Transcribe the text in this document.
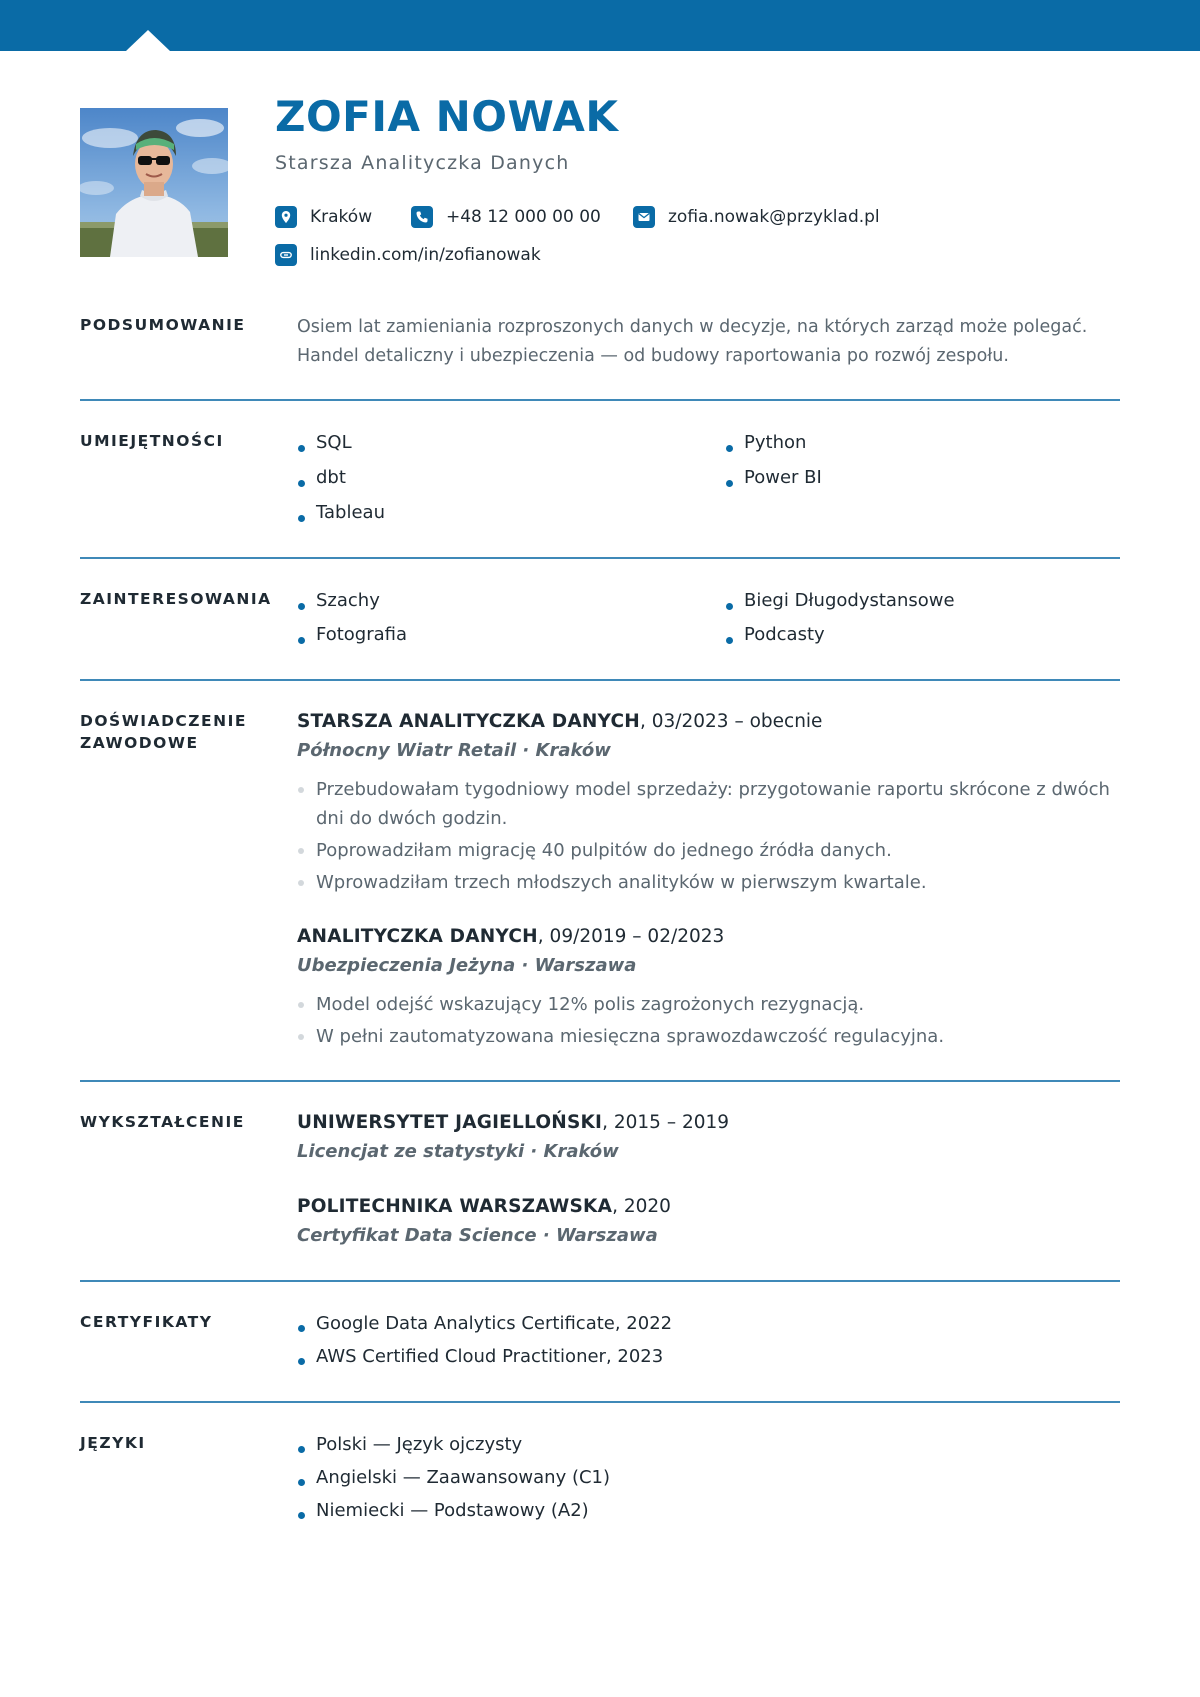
ZOFIA NOWAK
Starsza Analityczka Danych
Kraków	+48 12 000 00 00	zofia.nowak@przyklad.pl
linkedin.com/in/zofianowak
PODSUMOWANIE	Osiem lat zamieniania rozproszonych danych w decyzje, na których zarząd może polegać. Handel detaliczny i ubezpieczenia — od budowy raportowania po rozwój zespołu.
UMIEJĘTNOŚCI	SQL
dbt
Tableau
Python
Power BI
ZAINTERESOWANIA	Szachy
Fotografia
Biegi Długodystansowe
Podcasty
DOŚWIADCZENIE
ZAWODOWE
STARSZA ANALITYCZKA DANYCH, 03/2023 – obecnie
Północny Wiatr Retail · Kraków
Przebudowałam tygodniowy model sprzedaży: przygotowanie raportu skrócone z dwóch dni do dwóch godzin.
Poprowadziłam migrację 40 pulpitów do jednego źródła danych.
Wprowadziłam trzech młodszych analityków w pierwszym kwartale.
ANALITYCZKA DANYCH, 09/2019 – 02/2023
Ubezpieczenia Jeżyna · Warszawa
Model odejść wskazujący 12% polis zagrożonych rezygnacją.
W pełni zautomatyzowana miesięczna sprawozdawczość regulacyjna.
WYKSZTAŁCENIE	UNIWERSYTET JAGIELLOŃSKI, 2015 – 2019
Licencjat ze statystyki · Kraków
POLITECHNIKA WARSZAWSKA, 2020
Certyfikat Data Science · Warszawa
CERTYFIKATY	Google Data Analytics Certificate, 2022
AWS Certified Cloud Practitioner, 2023
JĘZYKI	Polski — Język ojczysty
Angielski — Zaawansowany (C1)
Niemiecki — Podstawowy (A2)
